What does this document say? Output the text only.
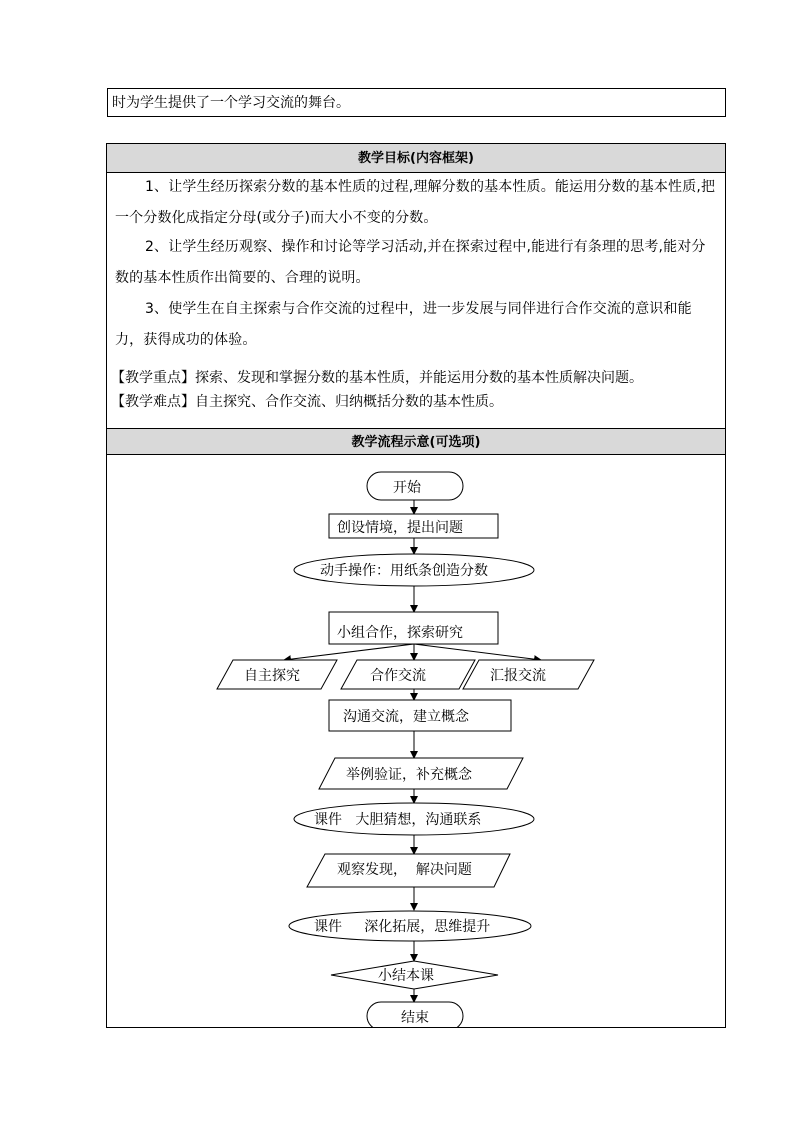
时为学生提供了一个学习交流的舞台。
教学目标(内容框架)

1、让学生经历探索分数的基本性质的过程,理解分数的基本性质。能运用分数的基本性质,把一个分数化成指定分母(或分子)而大小不变的分数。

2、让学生经历观察、操作和讨论等学习活动,并在探索过程中,能进行有条理的思考,能对分数的基本性质作出简要的、合理的说明。

3、使学生在自主探索与合作交流的过程中，进一步发展与同伴进行合作交流的意识和能力，获得成功的体验。

【教学重点】探索、发现和掌握分数的基本性质，并能运用分数的基本性质解决问题。

【教学难点】自主探究、合作交流、归纳概括分数的基本性质。

教学流程示意(可选项)
开始
创设情境，提出问题
动手操作：用纸条创造分数
小组合作，探索研究
自主探究	合作交流	汇报交流
沟通交流，建立概念
举例验证，补充概念
课件   大胆猜想，沟通联系
观察发现，  解决问题
课件     深化拓展，思维提升
小结本课
结束
